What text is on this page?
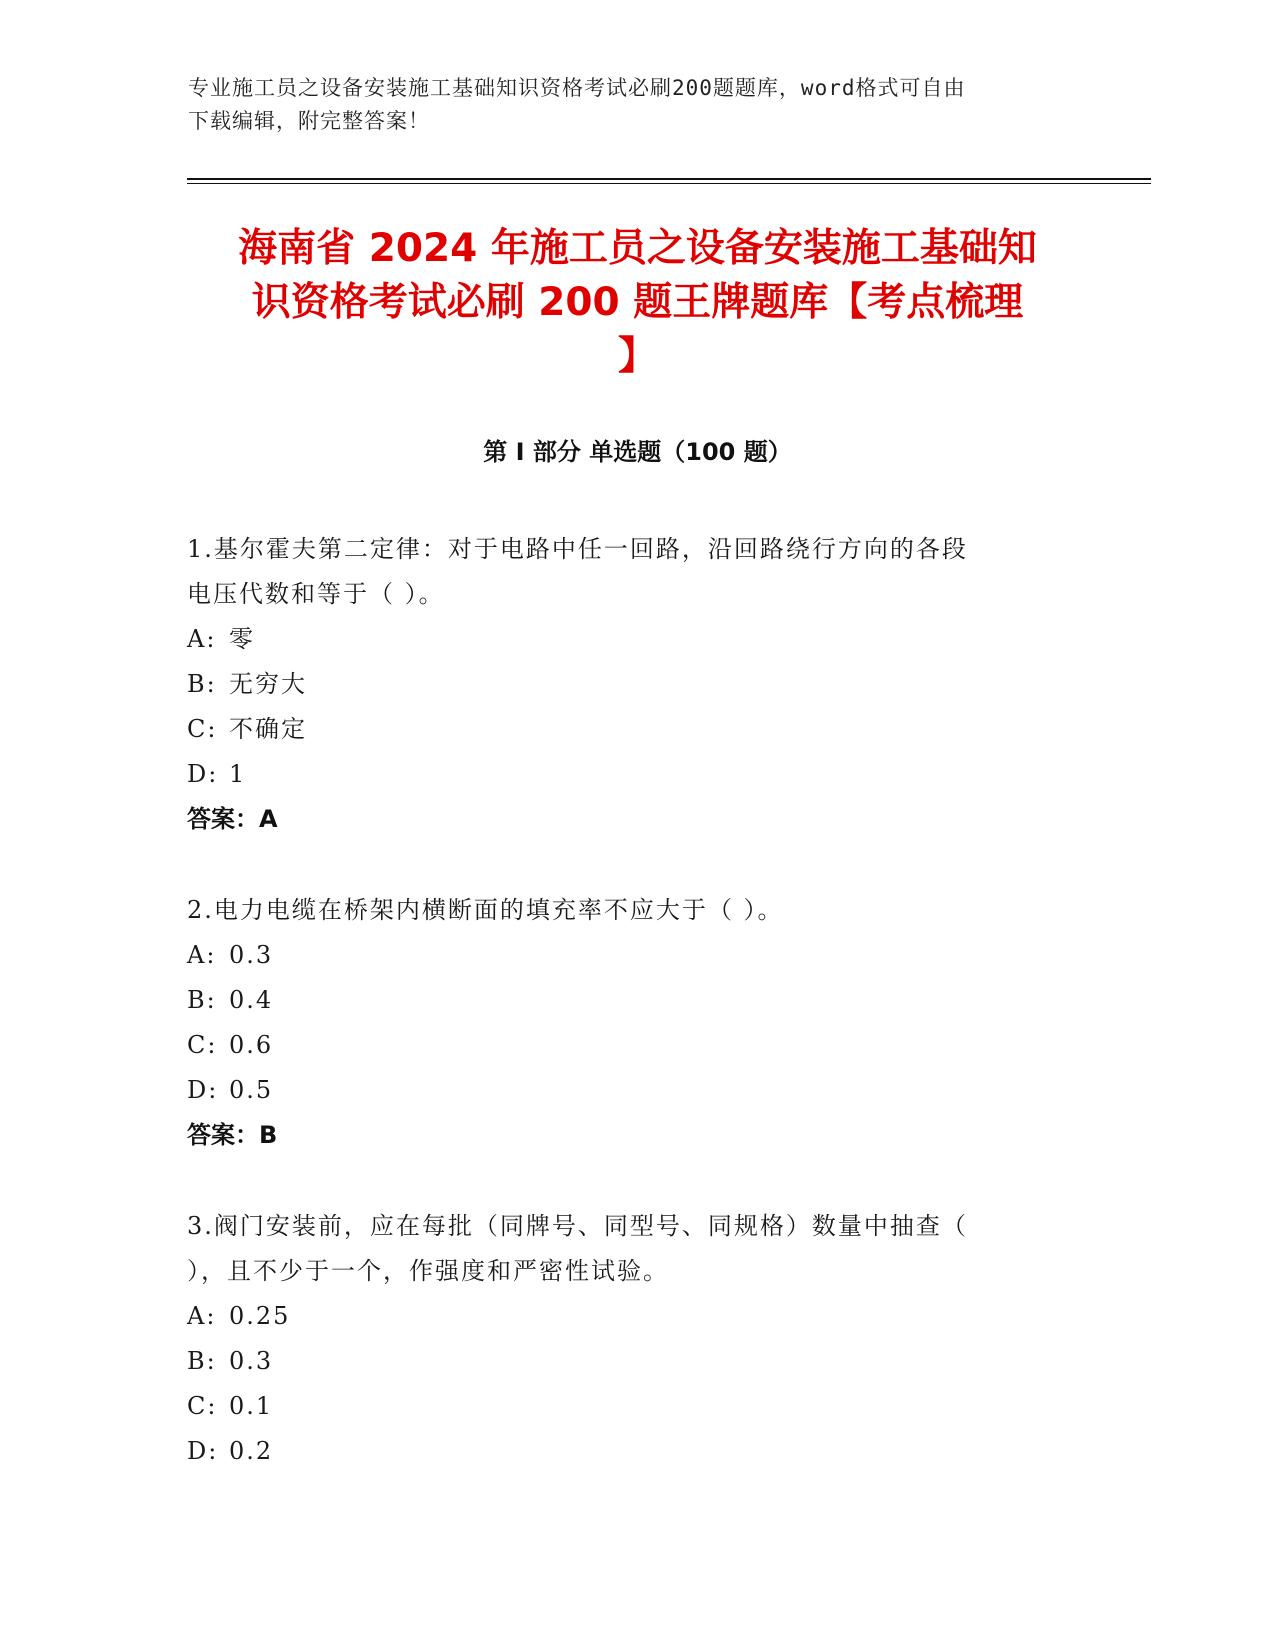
专业施工员之设备安装施工基础知识资格考试必刷200题题库，word格式可自由
下载编辑，附完整答案！
海南省 2024 年施工员之设备安装施工基础知
识资格考试必刷 200 题王牌题库【考点梳理
】
第 I 部分 单选题（100 题）

1.基尔霍夫第二定律：对于电路中任一回路，沿回路绕行方向的各段
电压代数和等于（ ）。

A: 零
B: 无穷大
C: 不确定
D: 1
答案：A

2.电力电缆在桥架内横断面的填充率不应大于（ ）。

A: 0.3
B: 0.4
C: 0.6
D: 0.5
答案：B

3.阀门安装前，应在每批（同牌号、同型号、同规格）数量中抽查（
），且不少于一个，作强度和严密性试验。

A: 0.25
B: 0.3
C: 0.1
D: 0.2
